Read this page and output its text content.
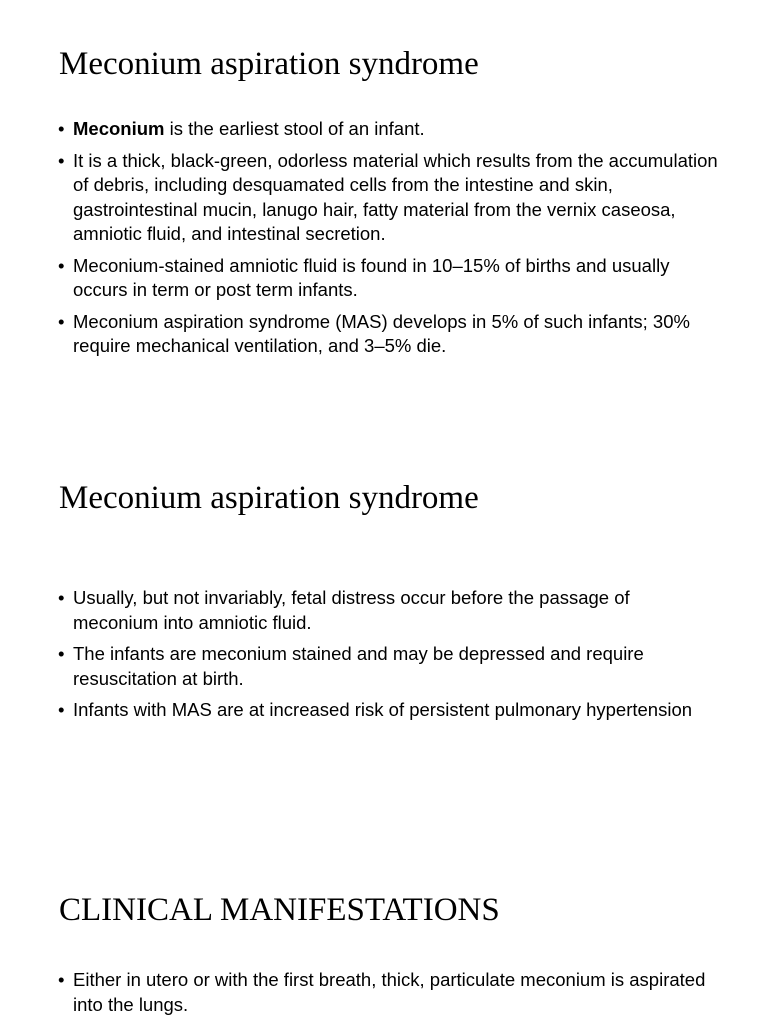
Meconium aspiration syndrome
• Meconium is the earliest stool of an infant.
• It is a thick, black-green, odorless material which results from the accumulation of debris, including desquamated cells from the intestine and skin, gastrointestinal mucin, lanugo hair, fatty material from the vernix caseosa, amniotic fluid, and intestinal secretion.
• Meconium-stained amniotic fluid is found in 10–15% of births and usually occurs in term or post term infants.
• Meconium aspiration syndrome (MAS) develops in 5% of such infants; 30% require mechanical ventilation, and 3–5% die.
Meconium aspiration syndrome
• Usually, but not invariably, fetal distress occur before the passage of meconium into amniotic fluid.
• The infants are meconium stained and may be depressed and require resuscitation at birth.
• Infants with MAS are at increased risk of persistent pulmonary hypertension
CLINICAL MANIFESTATIONS
• Either in utero or with the first breath, thick, particulate meconium is aspirated into the lungs.
